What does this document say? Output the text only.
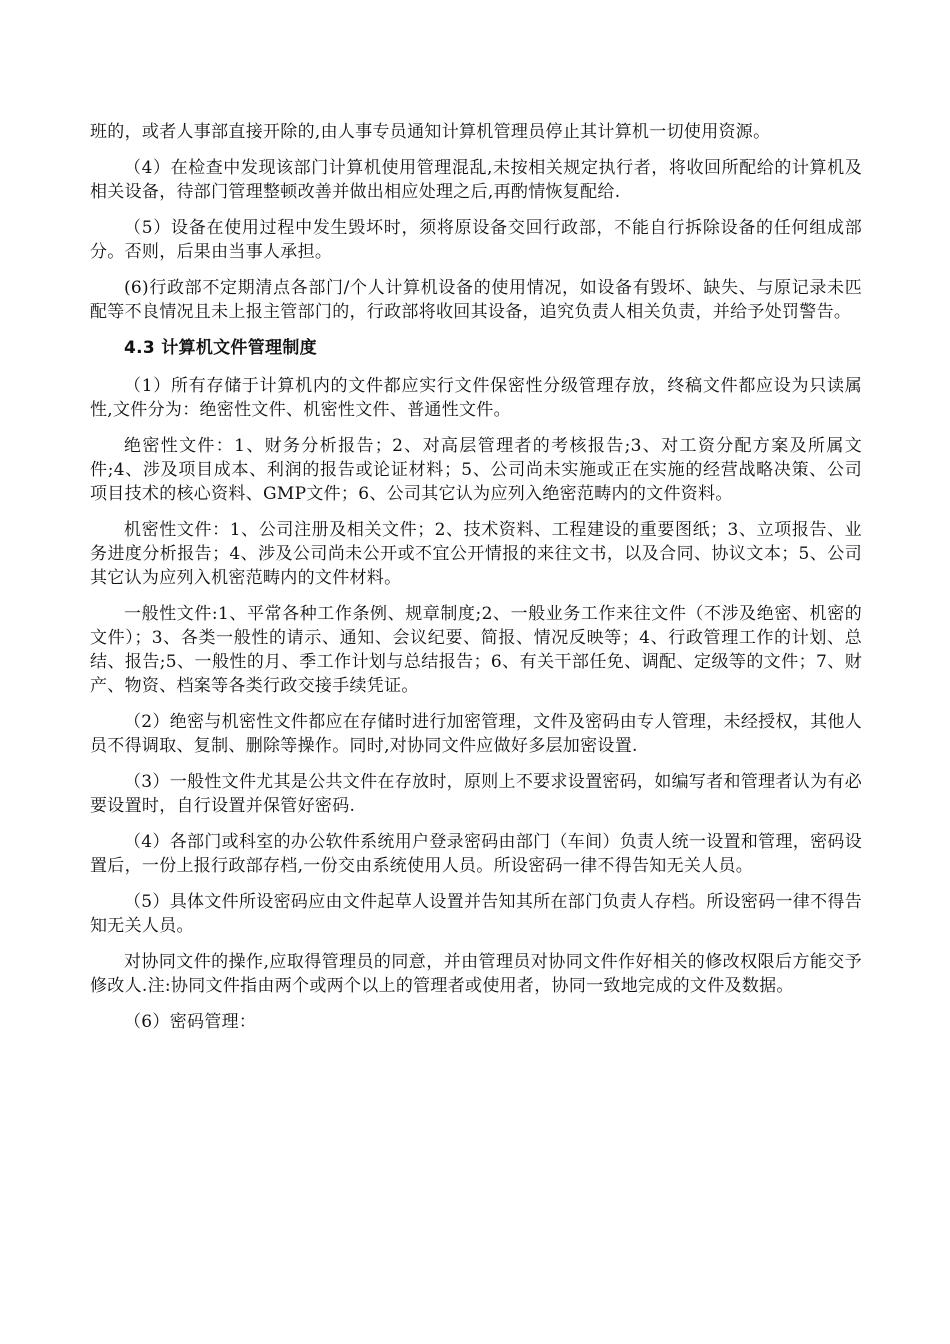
班的，或者人事部直接开除的,由人事专员通知计算机管理员停止其计算机一切使用资源。

（4）在检查中发现该部门计算机使用管理混乱,未按相关规定执行者，将收回所配给的计算机及相关设备，待部门管理整顿改善并做出相应处理之后,再酌情恢复配给.

（5）设备在使用过程中发生毁坏时，须将原设备交回行政部，不能自行拆除设备的任何组成部分。否则，后果由当事人承担。

(6)行政部不定期清点各部门/个人计算机设备的使用情况，如设备有毁坏、缺失、与原记录未匹配等不良情况且未上报主管部门的，行政部将收回其设备，追究负责人相关负责，并给予处罚警告。

4.3 计算机文件管理制度

（1）所有存储于计算机内的文件都应实行文件保密性分级管理存放，终稿文件都应设为只读属性,文件分为：绝密性文件、机密性文件、普通性文件。

绝密性文件：1、财务分析报告；2、对高层管理者的考核报告;3、对工资分配方案及所属文件;4、涉及项目成本、利润的报告或论证材料；5、公司尚未实施或正在实施的经营战略决策、公司项目技术的核心资料、GMP文件；6、公司其它认为应列入绝密范畴内的文件资料。

机密性文件：1、公司注册及相关文件；2、技术资料、工程建设的重要图纸；3、立项报告、业务进度分析报告；4、涉及公司尚未公开或不宜公开情报的来往文书，以及合同、协议文本；5、公司其它认为应列入机密范畴内的文件材料。

一般性文件:1、平常各种工作条例、规章制度;2、一般业务工作来往文件（不涉及绝密、机密的文件）；3、各类一般性的请示、通知、会议纪要、简报、情况反映等；4、行政管理工作的计划、总结、报告;5、一般性的月、季工作计划与总结报告；6、有关干部任免、调配、定级等的文件；7、财产、物资、档案等各类行政交接手续凭证。

（2）绝密与机密性文件都应在存储时进行加密管理，文件及密码由专人管理，未经授权，其他人员不得调取、复制、删除等操作。同时,对协同文件应做好多层加密设置.

（3）一般性文件尤其是公共文件在存放时，原则上不要求设置密码，如编写者和管理者认为有必要设置时，自行设置并保管好密码.

（4）各部门或科室的办公软件系统用户登录密码由部门（车间）负责人统一设置和管理，密码设置后，一份上报行政部存档,一份交由系统使用人员。所设密码一律不得告知无关人员。

（5）具体文件所设密码应由文件起草人设置并告知其所在部门负责人存档。所设密码一律不得告知无关人员。

对协同文件的操作,应取得管理员的同意，并由管理员对协同文件作好相关的修改权限后方能交予修改人.注:协同文件指由两个或两个以上的管理者或使用者，协同一致地完成的文件及数据。

（6）密码管理：
